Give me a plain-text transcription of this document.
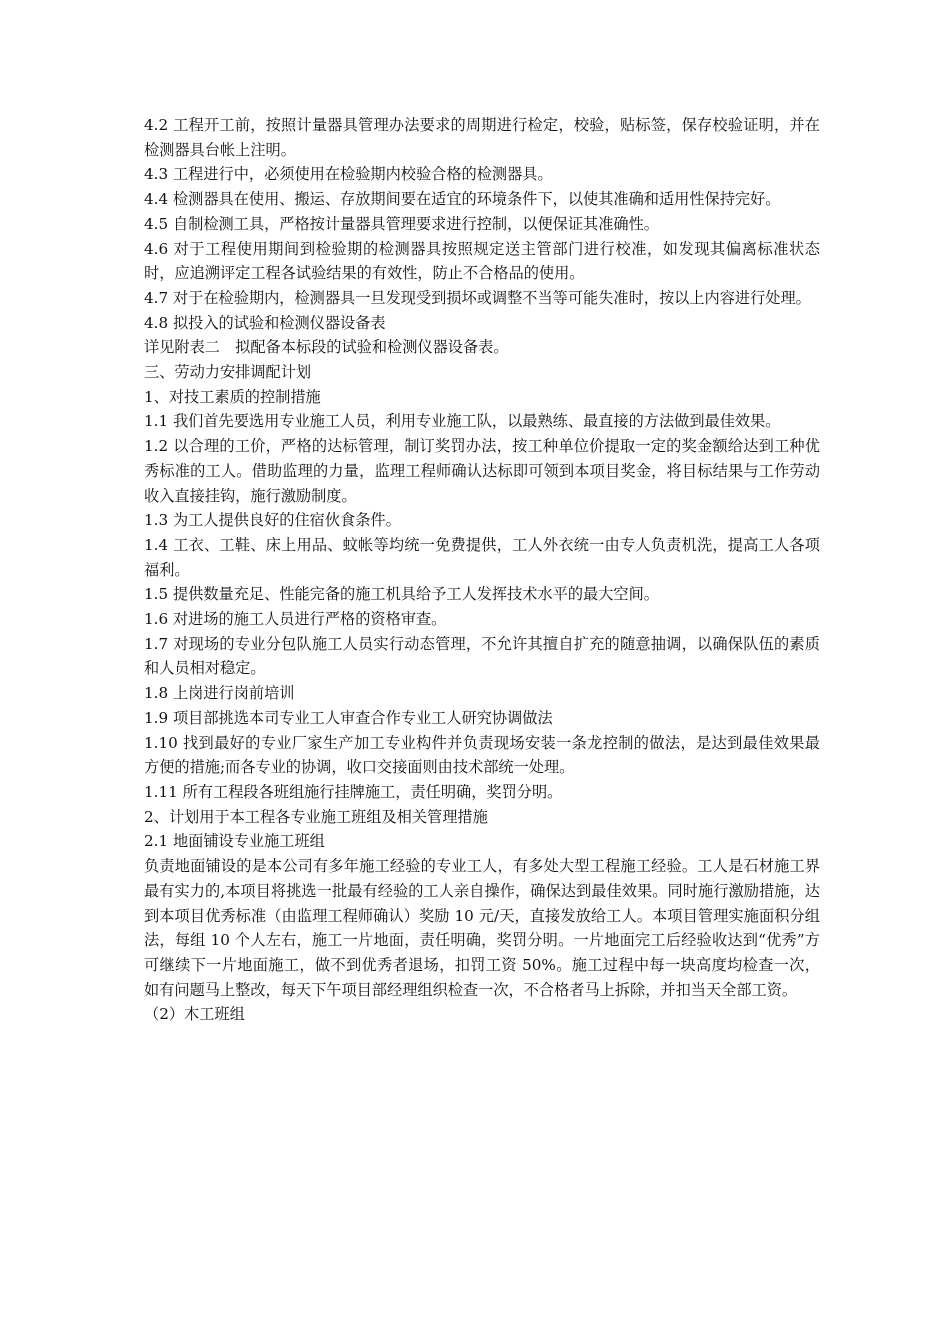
4.2 工程开工前，按照计量器具管理办法要求的周期进行检定，校验，贴标签，保存校验证明，并在检测器具台帐上注明。

4.3 工程进行中，必须使用在检验期内校验合格的检测器具。

4.4 检测器具在使用、搬运、存放期间要在适宜的环境条件下，以使其准确和适用性保持完好。

4.5 自制检测工具，严格按计量器具管理要求进行控制，以便保证其准确性。

4.6 对于工程使用期间到检验期的检测器具按照规定送主管部门进行校准，如发现其偏离标准状态时，应追溯评定工程各试验结果的有效性，防止不合格品的使用。

4.7 对于在检验期内，检测器具一旦发现受到损坏或调整不当等可能失准时，按以上内容进行处理。

4.8 拟投入的试验和检测仪器设备表

详见附表二　拟配备本标段的试验和检测仪器设备表。

三、劳动力安排调配计划

1、对技工素质的控制措施

1.1 我们首先要选用专业施工人员，利用专业施工队，以最熟练、最直接的方法做到最佳效果。

1.2 以合理的工价，严格的达标管理，制订奖罚办法，按工种单位价提取一定的奖金额给达到工种优秀标准的工人。借助监理的力量，监理工程师确认达标即可领到本项目奖金，将目标结果与工作劳动收入直接挂钩，施行激励制度。

1.3 为工人提供良好的住宿伙食条件。

1.4 工衣、工鞋、床上用品、蚊帐等均统一免费提供，工人外衣统一由专人负责机洗，提高工人各项福利。

1.5 提供数量充足、性能完备的施工机具给予工人发挥技术水平的最大空间。

1.6 对进场的施工人员进行严格的资格审查。

1.7 对现场的专业分包队施工人员实行动态管理，不允许其擅自扩充的随意抽调，以确保队伍的素质和人员相对稳定。

1.8 上岗进行岗前培训

1.9 项目部挑选本司专业工人审查合作专业工人研究协调做法

1.10 找到最好的专业厂家生产加工专业构件并负责现场安装一条龙控制的做法，是达到最佳效果最方便的措施;而各专业的协调，收口交接面则由技术部统一处理。

1.11 所有工程段各班组施行挂牌施工，责任明确，奖罚分明。

2、计划用于本工程各专业施工班组及相关管理措施

2.1 地面铺设专业施工班组

负责地面铺设的是本公司有多年施工经验的专业工人，有多处大型工程施工经验。工人是石材施工界最有实力的,本项目将挑选一批最有经验的工人亲自操作，确保达到最佳效果。同时施行激励措施，达到本项目优秀标准（由监理工程师确认）奖励 10 元/天，直接发放给工人。本项目管理实施面积分组法，每组 10 个人左右，施工一片地面，责任明确，奖罚分明。一片地面完工后经验收达到“优秀”方可继续下一片地面施工，做不到优秀者退场，扣罚工资 50%。施工过程中每一块高度均检查一次，如有问题马上整改，每天下午项目部经理组织检查一次，不合格者马上拆除，并扣当天全部工资。

（2）木工班组
